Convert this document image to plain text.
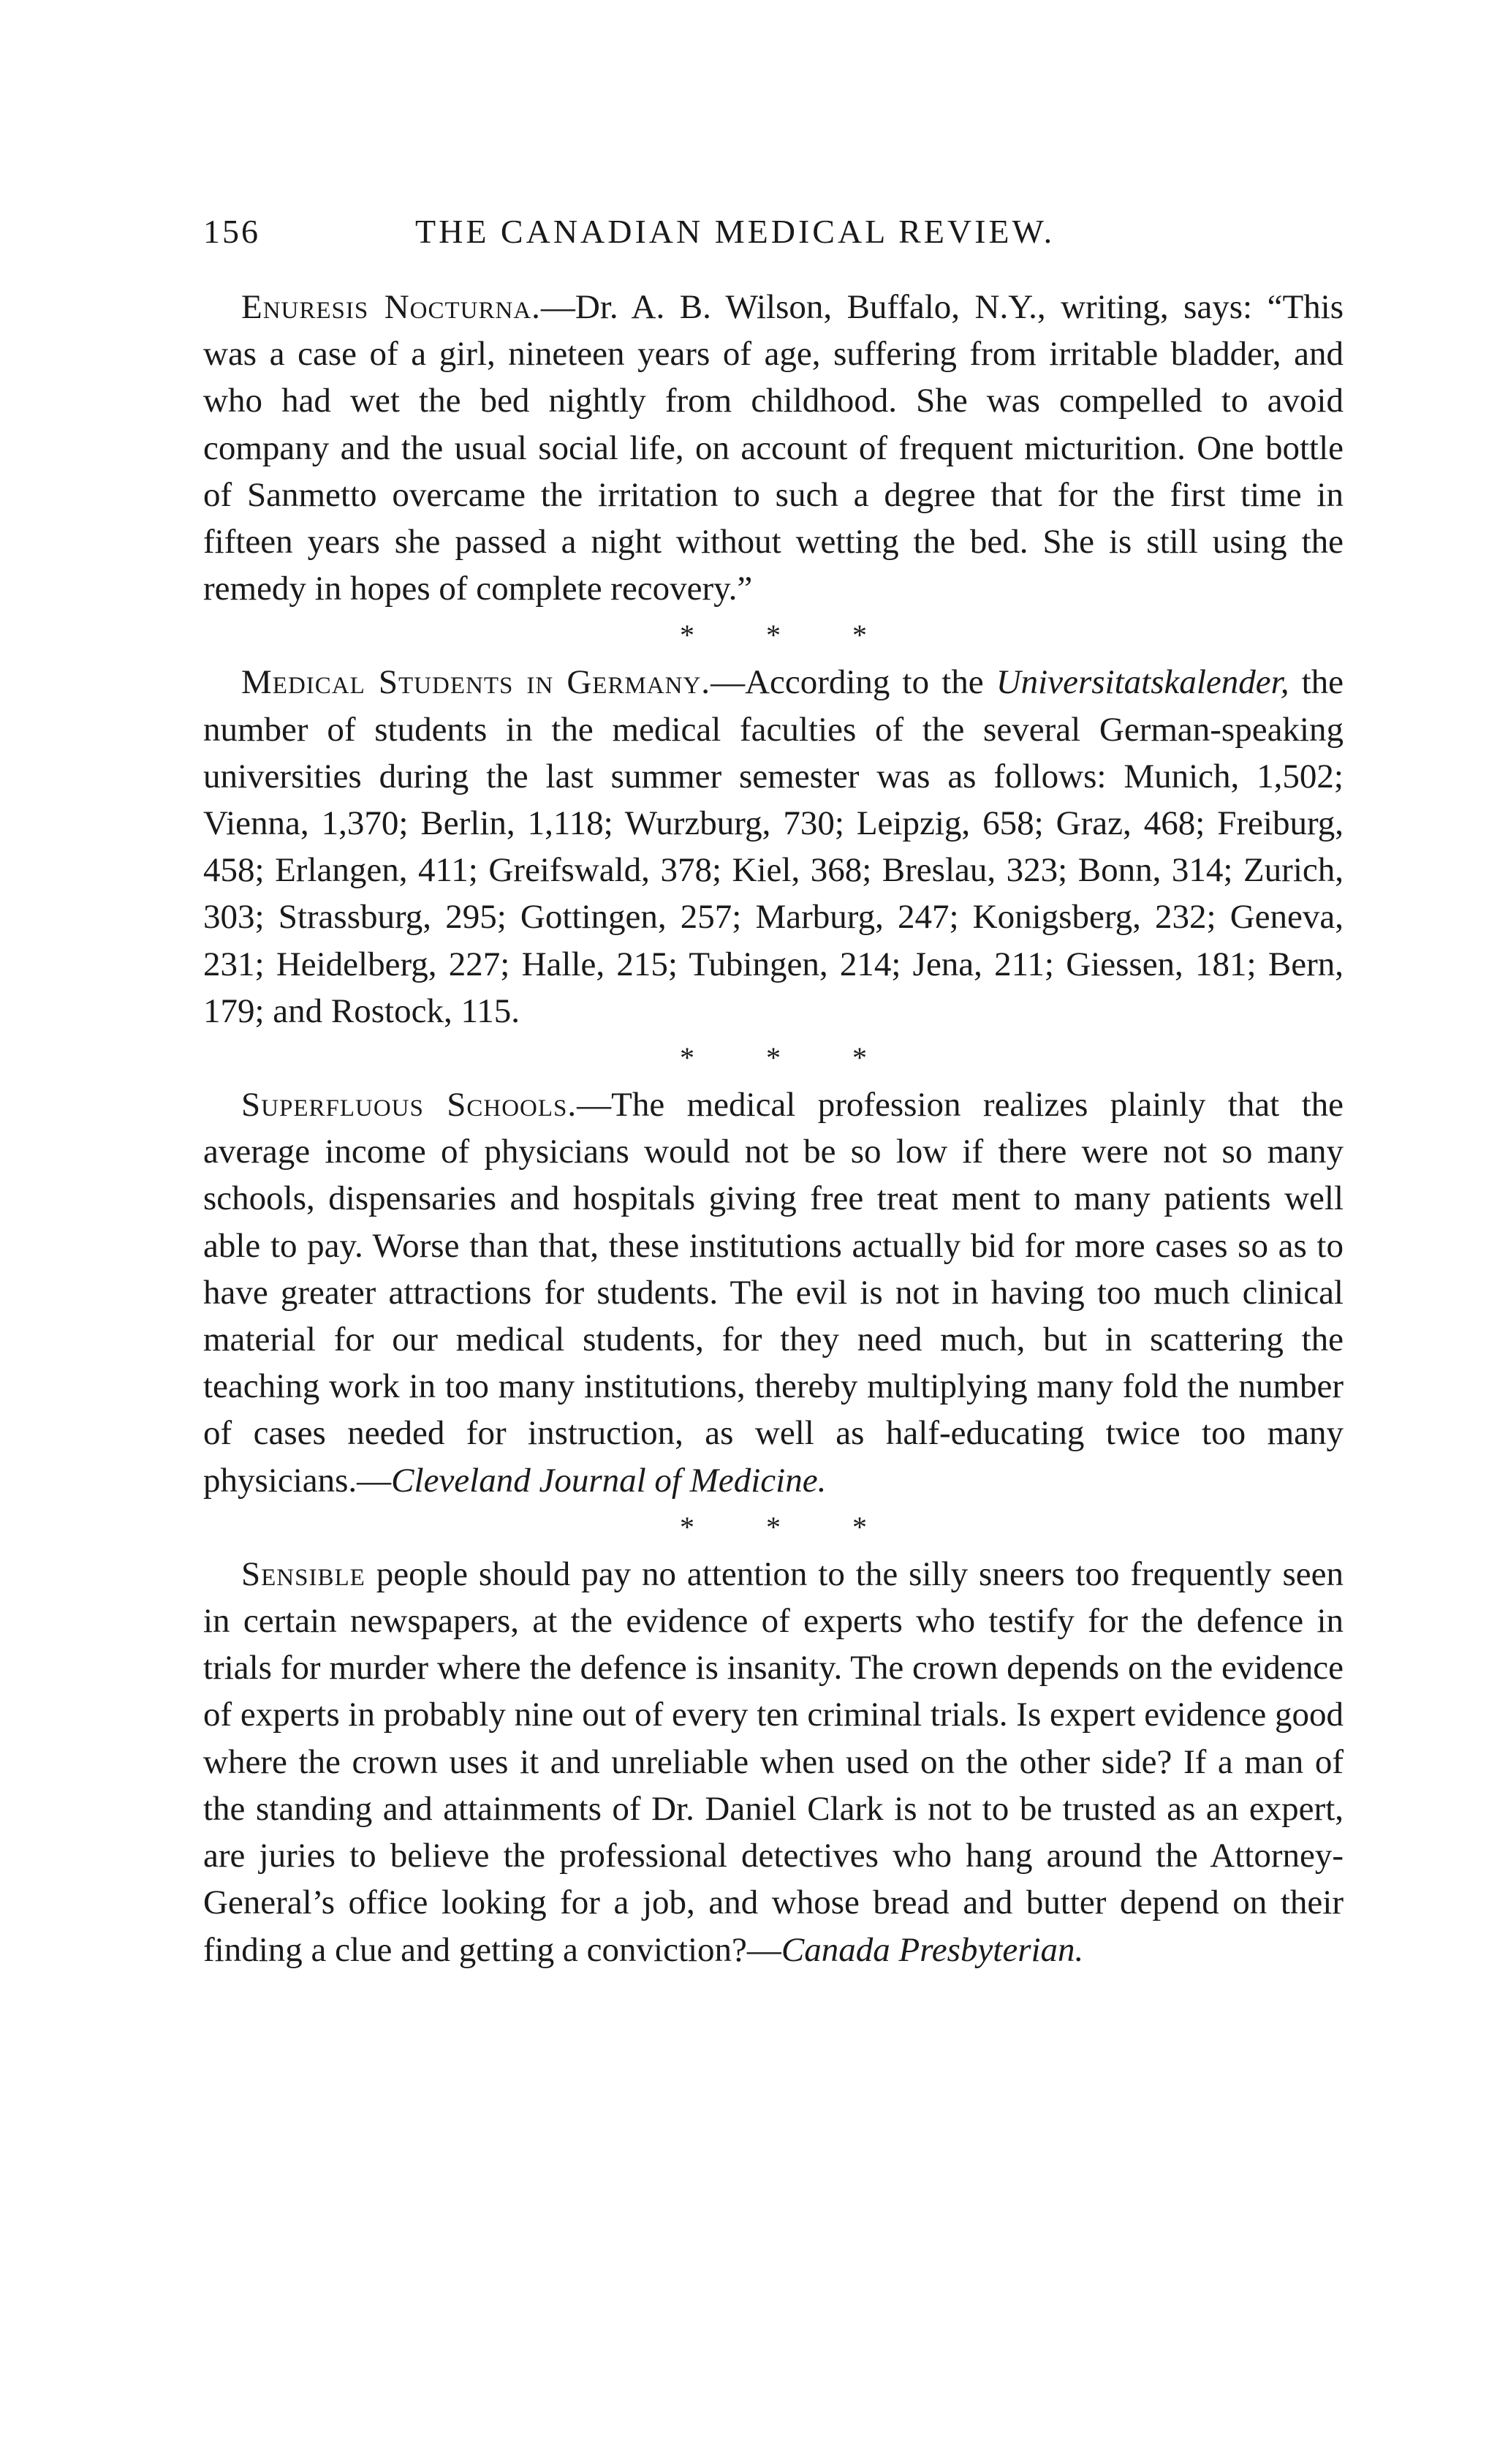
156	THE CANADIAN MEDICAL REVIEW.

Enuresis Nocturna.—Dr. A. B. Wilson, Buffalo, N.Y., writing, says: “This was a case of a girl, nineteen years of age, suffering from irritable bladder, and who had wet the bed nightly from childhood. She was compelled to avoid company and the usual social life, on account of frequent micturition. One bottle of Sanmetto overcame the irritation to such a degree that for the first time in fifteen years she passed a night without wetting the bed. She is still using the remedy in hopes of complete recovery.”

* * *

Medical Students in Germany.—According to the Universitatskalender, the number of students in the medical faculties of the several German-speaking universities during the last summer semester was as follows: Munich, 1,502; Vienna, 1,370; Berlin, 1,118; Wurzburg, 730; Leipzig, 658; Graz, 468; Freiburg, 458; Erlangen, 411; Greifswald, 378; Kiel, 368; Breslau, 323; Bonn, 314; Zurich, 303; Strassburg, 295; Gottingen, 257; Marburg, 247; Konigsberg, 232; Geneva, 231; Heidelberg, 227; Halle, 215; Tubingen, 214; Jena, 211; Giessen, 181; Bern, 179; and Rostock, 115.

* * *

Superfluous Schools.—The medical profession realizes plainly that the average income of physicians would not be so low if there were not so many schools, dispensaries and hospitals giving free treat ment to many patients well able to pay. Worse than that, these institutions actually bid for more cases so as to have greater attractions for students. The evil is not in having too much clinical material for our medical students, for they need much, but in scattering the teaching work in too many institutions, thereby multiplying many fold the number of cases needed for instruction, as well as half-educating twice too many physicians.—Cleveland Journal of Medicine.

* * *

Sensible people should pay no attention to the silly sneers too frequently seen in certain newspapers, at the evidence of experts who testify for the defence in trials for murder where the defence is insanity. The crown depends on the evidence of experts in probably nine out of every ten criminal trials. Is expert evidence good where the crown uses it and unreliable when used on the other side? If a man of the standing and attainments of Dr. Daniel Clark is not to be trusted as an expert, are juries to believe the professional detectives who hang around the Attorney-General’s office looking for a job, and whose bread and butter depend on their finding a clue and getting a conviction?—Canada Presbyterian.
